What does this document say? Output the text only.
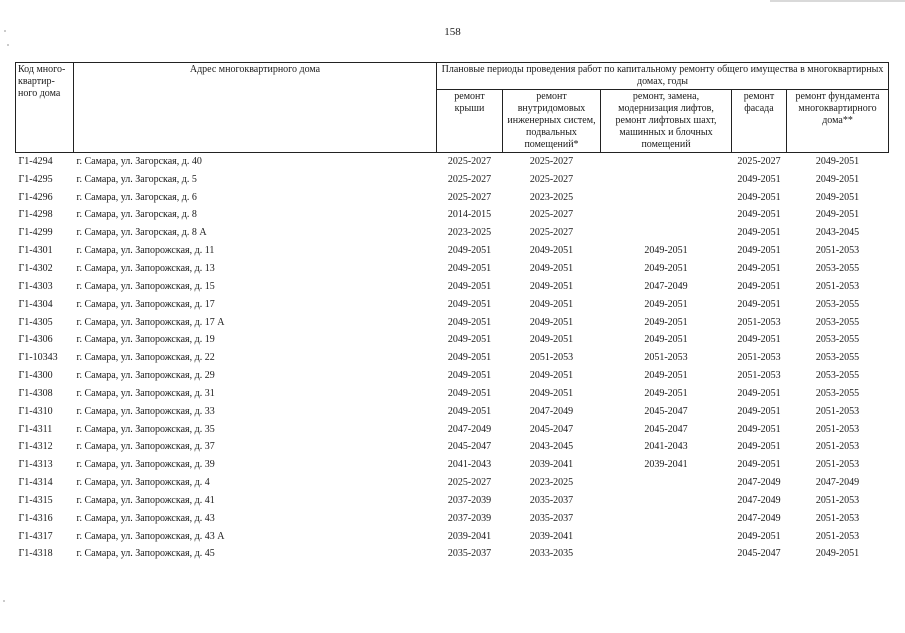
158
Код много-квартир-ного дома	Адрес многоквартирного дома	Плановые периоды проведения работ по капитальному ремонту общего имущества в многоквартирных домах, годы				
		ремонт крыши	ремонт внутридомовых инженерных систем, подвальных помещений*	ремонт, замена, модернизация лифтов, ремонт лифтовых шахт, машинных и блочных помещений	ремонт фасада	ремонт фундамента многоквартирного дома**
Г1-4294	г. Самара, ул. Загорская, д. 40	2025-2027	2025-2027		2025-2027	2049-2051
Г1-4295	г. Самара, ул. Загорская, д. 5	2025-2027	2025-2027		2049-2051	2049-2051
Г1-4296	г. Самара, ул. Загорская, д. 6	2025-2027	2023-2025		2049-2051	2049-2051
Г1-4298	г. Самара, ул. Загорская, д. 8	2014-2015	2025-2027		2049-2051	2049-2051
Г1-4299	г. Самара, ул. Загорская, д. 8 А	2023-2025	2025-2027		2049-2051	2043-2045
Г1-4301	г. Самара, ул. Запорожская, д. 11	2049-2051	2049-2051	2049-2051	2049-2051	2051-2053
Г1-4302	г. Самара, ул. Запорожская, д. 13	2049-2051	2049-2051	2049-2051	2049-2051	2053-2055
Г1-4303	г. Самара, ул. Запорожская, д. 15	2049-2051	2049-2051	2047-2049	2049-2051	2051-2053
Г1-4304	г. Самара, ул. Запорожская, д. 17	2049-2051	2049-2051	2049-2051	2049-2051	2053-2055
Г1-4305	г. Самара, ул. Запорожская, д. 17 А	2049-2051	2049-2051	2049-2051	2051-2053	2053-2055
Г1-4306	г. Самара, ул. Запорожская, д. 19	2049-2051	2049-2051	2049-2051	2049-2051	2053-2055
Г1-10343	г. Самара, ул. Запорожская, д. 22	2049-2051	2051-2053	2051-2053	2051-2053	2053-2055
Г1-4300	г. Самара, ул. Запорожская, д. 29	2049-2051	2049-2051	2049-2051	2051-2053	2053-2055
Г1-4308	г. Самара, ул. Запорожская, д. 31	2049-2051	2049-2051	2049-2051	2049-2051	2053-2055
Г1-4310	г. Самара, ул. Запорожская, д. 33	2049-2051	2047-2049	2045-2047	2049-2051	2051-2053
Г1-4311	г. Самара, ул. Запорожская, д. 35	2047-2049	2045-2047	2045-2047	2049-2051	2051-2053
Г1-4312	г. Самара, ул. Запорожская, д. 37	2045-2047	2043-2045	2041-2043	2049-2051	2051-2053
Г1-4313	г. Самара, ул. Запорожская, д. 39	2041-2043	2039-2041	2039-2041	2049-2051	2051-2053
Г1-4314	г. Самара, ул. Запорожская, д. 4	2025-2027	2023-2025		2047-2049	2047-2049
Г1-4315	г. Самара, ул. Запорожская, д. 41	2037-2039	2035-2037		2047-2049	2051-2053
Г1-4316	г. Самара, ул. Запорожская, д. 43	2037-2039	2035-2037		2047-2049	2051-2053
Г1-4317	г. Самара, ул. Запорожская, д. 43 А	2039-2041	2039-2041		2049-2051	2051-2053
Г1-4318	г. Самара, ул. Запорожская, д. 45	2035-2037	2033-2035		2045-2047	2049-2051
